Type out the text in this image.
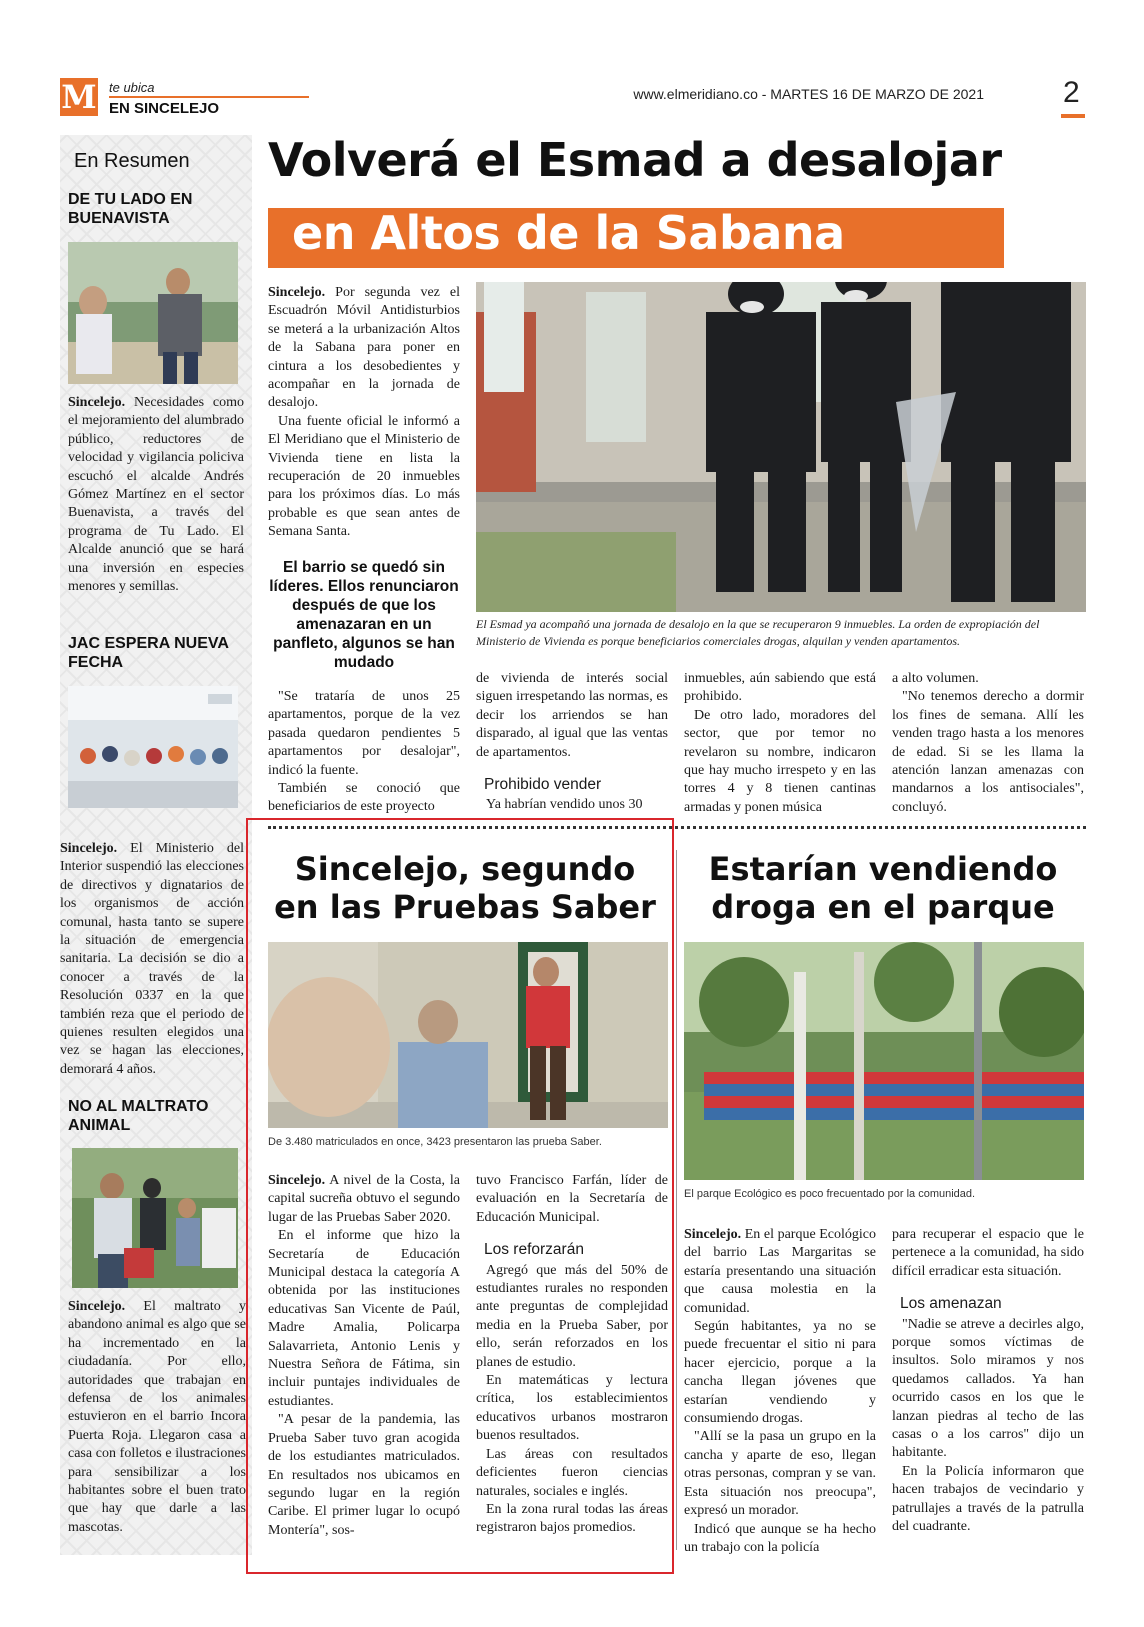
M te ubica
EN SINCELEJO
www.elmeridiano.co - MARTES 16 DE MARZO DE 2021	2
En Resumen
DE TU LADO EN BUENAVISTA
Sincelejo. Necesidades como el mejoramiento del alumbrado público, reductores de velocidad y vigilancia policiva escuchó el alcalde Andrés Gómez Martínez en el sector Buenavista, a través del programa de Tu Lado. El Alcalde anunció que se hará una inversión en especies menores y semillas.
JAC ESPERA NUEVA FECHA
Sincelejo. El Ministerio del Interior suspendió las elecciones de directivos y dignatarios de los organismos de acción comunal, hasta tanto se supere la situación de emergencia sanitaria. La decisión se dio a conocer a través de la Resolución 0337 en la que también reza que el periodo de quienes resulten elegidos una vez se hagan las elecciones, demorará 4 años.
NO AL MALTRATO ANIMAL
Sincelejo. El maltrato y abandono animal es algo que se ha incrementado en la ciudadanía. Por ello, autoridades que trabajan en defensa de los animales estuvieron en el barrio Incora Puerta Roja. Llegaron casa a casa con folletos e ilustraciones para sensibilizar a los habitantes sobre el buen trato que hay que darle a las mascotas.
Volverá el Esmad a desalojar
en Altos de la Sabana
El Esmad ya acompañó una jornada de desalojo en la que se recuperaron 9 inmuebles. La orden de expropiación del Ministerio de Vivienda es porque beneficiarios comerciales drogas, alquilan y venden apartamentos.

Sincelejo. Por segunda vez el Escuadrón Móvil Antidisturbios se meterá a la urbanización Altos de la Sabana para poner en cintura a los desobedientes y acompañar en la jornada de desalojo.

Una fuente oficial le informó a El Meridiano que el Ministerio de Vivienda tiene en lista la recuperación de 20 inmuebles para los próximos días. Lo más probable es que sean antes de Semana Santa.

El barrio se quedó sin líderes. Ellos renunciaron después de que los amenazaran en un panfleto, algunos se han mudado

"Se trataría de unos 25 apartamentos, porque de la vez pasada quedaron pendientes 5 apartamentos por desalojar", indicó la fuente.

También se conoció que beneficiarios de este proyecto

de vivienda de interés social siguen irrespetando las normas, es decir los arriendos se han disparado, al igual que las ventas de apartamentos.

Prohibido vender

Ya habrían vendido unos 30

inmuebles, aún sabiendo que está prohibido.

De otro lado, moradores del sector, que por temor no revelaron su nombre, indicaron que hay mucho irrespeto y en las torres 4 y 8 tienen cantinas armadas y ponen música

a alto volumen.

"No tenemos derecho a dormir los fines de semana. Allí les venden trago hasta a los menores de edad. Si se les llama la atención lanzan amenazas con mandarnos a los antisociales", concluyó.

Sincelejo, segundo en las Pruebas Saber
De 3.480 matriculados en once, 3423 presentaron las prueba Saber.

Sincelejo. A nivel de la Costa, la capital sucreña obtuvo el segundo lugar de las Pruebas Saber 2020.

En el informe que hizo la Secretaría de Educación Municipal destaca la categoría A obtenida por las instituciones educativas San Vicente de Paúl, Madre Amalia, Policarpa Salavarrieta, Antonio Lenis y Nuestra Señora de Fátima, sin incluir puntajes individuales de estudiantes.

"A pesar de la pandemia, las Prueba Saber tuvo gran acogida de los estudiantes matriculados. En resultados nos ubicamos en segundo lugar en la región Caribe. El primer lugar lo ocupó Montería", sos-

tuvo Francisco Farfán, líder de evaluación en la Secretaría de Educación Municipal.

Los reforzarán

Agregó que más del 50% de estudiantes rurales no responden ante preguntas de complejidad media en la Prueba Saber, por ello, serán reforzados en los planes de estudio.

En matemáticas y lectura crítica, los establecimientos educativos urbanos mostraron buenos resultados.

Las áreas con resultados deficientes fueron ciencias naturales, sociales e inglés.

En la zona rural todas las áreas registraron bajos promedios.

Estarían vendiendo droga en el parque
El parque Ecológico es poco frecuentado por la comunidad.

Sincelejo. En el parque Ecológico del barrio Las Margaritas se estaría presentando una situación que causa molestia en la comunidad.

Según habitantes, ya no se puede frecuentar el sitio ni para hacer ejercicio, porque a la cancha llegan jóvenes que estarían vendiendo y consumiendo drogas.

"Allí se la pasa un grupo en la cancha y aparte de eso, llegan otras personas, compran y se van. Esta situación nos preocupa", expresó un morador.

Indicó que aunque se ha hecho un trabajo con la policía

para recuperar el espacio que le pertenece a la comunidad, ha sido difícil erradicar esta situación.

Los amenazan

"Nadie se atreve a decirles algo, porque somos víctimas de insultos. Solo miramos y nos quedamos callados. Ya han ocurrido casos en los que le lanzan piedras al techo de las casas o a los carros" dijo un habitante.

En la Policía informaron que hacen trabajos de vecindario y patrullajes a través de la patrulla del cuadrante.
